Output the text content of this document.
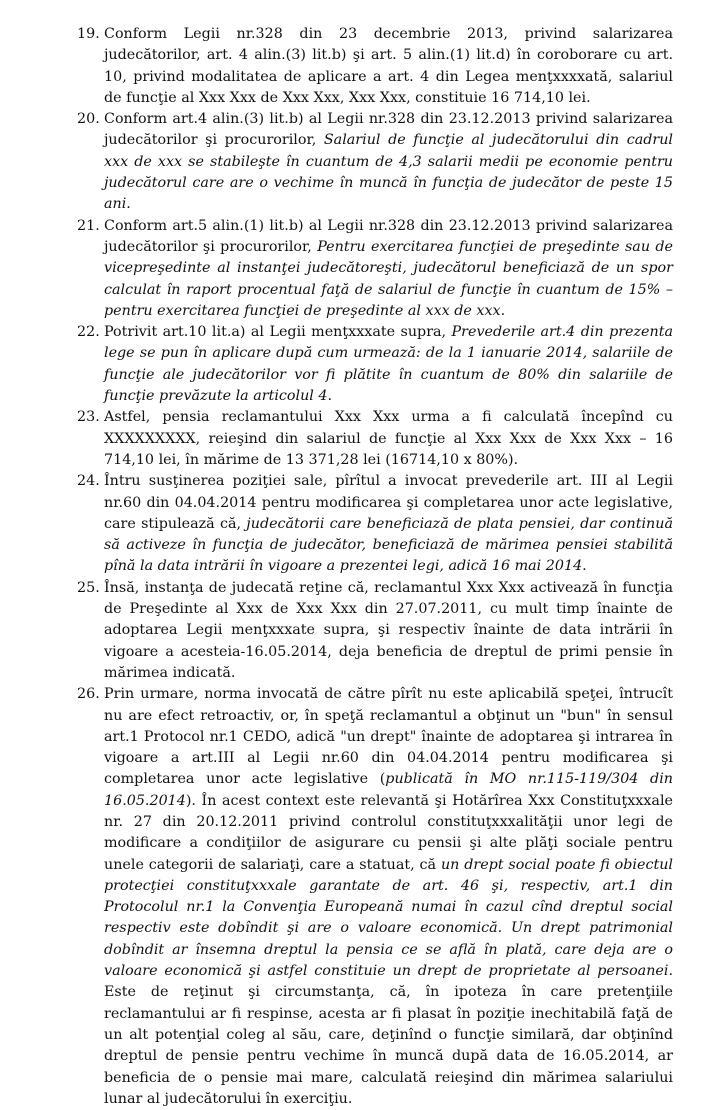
19. Conform Legii nr.328 din 23 decembrie 2013, privind salarizarea judecătorilor, art. 4 alin.(3) lit.b) şi art. 5 alin.(1) lit.d) în coroborare cu art. 10, privind modalitatea de aplicare a art. 4 din Legea menţxxxxată, salariul de funcţie al Xxx Xxx de Xxx Xxx, Xxx Xxx, constituie 16 714,10 lei.
20. Conform art.4 alin.(3) lit.b) al Legii nr.328 din 23.12.2013 privind salarizarea judecătorilor şi procurorilor, Salariul de funcţie al judecătorului din cadrul xxx de xxx se stabileşte în cuantum de 4,3 salarii medii pe economie pentru judecătorul care are o vechime în muncă în funcţia de judecător de peste 15 ani.
21. Conform art.5 alin.(1) lit.b) al Legii nr.328 din 23.12.2013 privind salarizarea judecătorilor şi procurorilor, Pentru exercitarea funcţiei de preşedinte sau de vicepreşedinte al instanţei judecătoreşti, judecătorul beneficiază de un spor calculat în raport procentual faţă de salariul de funcţie în cuantum de 15% – pentru exercitarea funcţiei de preşedinte al xxx de xxx.
22. Potrivit art.10 lit.a) al Legii menţxxxate supra, Prevederile art.4 din prezenta lege se pun în aplicare după cum urmează: de la 1 ianuarie 2014, salariile de funcţie ale judecătorilor vor fi plătite în cuantum de 80% din salariile de funcţie prevăzute la articolul 4.
23. Astfel, pensia reclamantului Xxx Xxx urma a fi calculată începînd cu XXXXXXXXX, reieşind din salariul de funcţie al Xxx Xxx de Xxx Xxx – 16 714,10 lei, în mărime de 13 371,28 lei (16714,10 x 80%).
24. Întru susţinerea poziţiei sale, pîrîtul a invocat prevederile art. III al Legii nr.60 din 04.04.2014 pentru modificarea şi completarea unor acte legislative, care stipulează că, judecătorii care beneficiază de plata pensiei, dar continuă să activeze în funcţia de judecător, beneficiază de mărimea pensiei stabilită pînă la data intrării în vigoare a prezentei legi, adică 16 mai 2014.
25. Însă, instanţa de judecată reţine că, reclamantul Xxx Xxx activează în funcţia de Preşedinte al Xxx de Xxx Xxx din 27.07.2011, cu mult timp înainte de adoptarea Legii menţxxxate supra, şi respectiv înainte de data intrării în vigoare a acesteia-16.05.2014, deja beneficia de dreptul de primi pensie în mărimea indicată.
26. Prin urmare, norma invocată de către pîrît nu este aplicabilă speţei, întrucît nu are efect retroactiv, or, în speţă reclamantul a obţinut un "bun" în sensul art.1 Protocol nr.1 CEDO, adică "un drept" înainte de adoptarea şi intrarea în vigoare a art.III al Legii nr.60 din 04.04.2014 pentru modificarea şi completarea unor acte legislative (publicată în MO nr.115-119/304 din 16.05.2014). În acest context este relevantă şi Hotărîrea Xxx Constituţxxxale nr. 27 din 20.12.2011 privind controlul constituţxxxalităţii unor legi de modificare a condiţiilor de asigurare cu pensii şi alte plăţi sociale pentru unele categorii de salariaţi, care a statuat, că un drept social poate fi obiectul protecţiei constituţxxxale garantate de art. 46 şi, respectiv, art.1 din Protocolul nr.1 la Convenţia Europeană numai în cazul cînd dreptul social respectiv este dobîndit şi are o valoare economică. Un drept patrimonial dobîndit ar însemna dreptul la pensia ce se află în plată, care deja are o valoare economică şi astfel constituie un drept de proprietate al persoanei. Este de reţinut şi circumstanţa, că, în ipoteza în care pretenţiile reclamantului ar fi respinse, acesta ar fi plasat în poziţie inechitabilă faţă de un alt potenţial coleg al său, care, deţinînd o funcţie similară, dar obţinînd dreptul de pensie pentru vechime în muncă după data de 16.05.2014, ar beneficia de o pensie mai mare, calculată reieşind din mărimea salariului lunar al judecătorului în exerciţiu.
